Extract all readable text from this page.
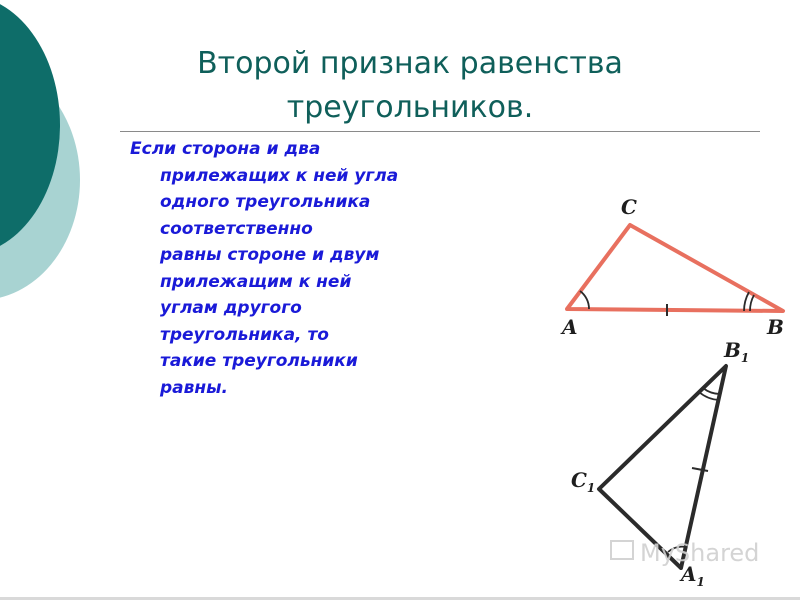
Второй признак равенства
треугольников.
Если сторона и два
прилежащих к ней угла
одного треугольника
соответственно
равны стороне и двум
прилежащим к ней
углам другого
треугольника, то
такие треугольники
равны.
C
A	B
$B_1$
$C_1$
$A_1$
MyShared
